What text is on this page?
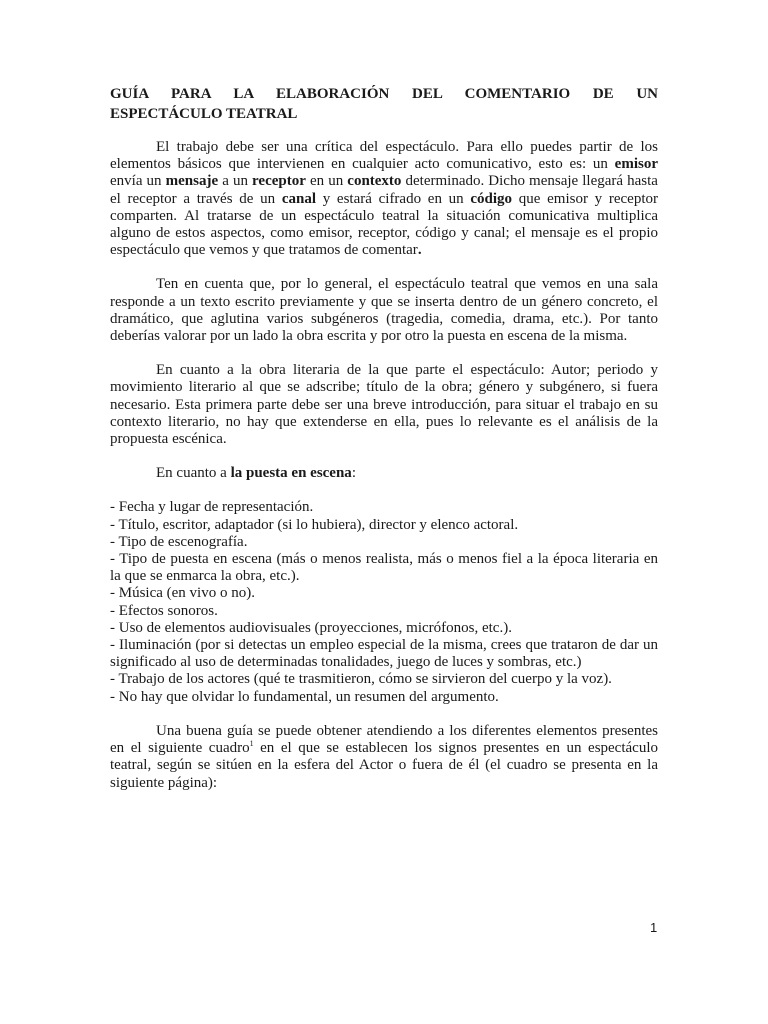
GUÍA PARA LA ELABORACIÓN DEL COMENTARIO DE UN
ESPECTÁCULO TEATRAL

El trabajo debe ser una crítica del espectáculo. Para ello puedes partir de los elementos básicos que intervienen en cualquier acto comunicativo, esto es: un emisor envía un mensaje a un receptor en un contexto determinado. Dicho mensaje llegará hasta el receptor a través de un canal y estará cifrado en un código que emisor y receptor comparten. Al tratarse de un espectáculo teatral la situación comunicativa multiplica alguno de estos aspectos, como emisor, receptor, código y canal; el mensaje es el propio espectáculo que vemos y que tratamos de comentar.

Ten en cuenta que, por lo general, el espectáculo teatral que vemos en una sala responde a un texto escrito previamente y que se inserta dentro de un género concreto, el dramático, que aglutina varios subgéneros (tragedia, comedia, drama, etc.). Por tanto deberías valorar por un lado la obra escrita y por otro la puesta en escena de la misma.

En cuanto a la obra literaria de la que parte el espectáculo: Autor; periodo y movimiento literario al que se adscribe; título de la obra; género y subgénero, si fuera necesario. Esta primera parte debe ser una breve introducción, para situar el trabajo en su contexto literario, no hay que extenderse en ella, pues lo relevante es el análisis de la propuesta escénica.

En cuanto a la puesta en escena:

- Fecha y lugar de representación.
- Título, escritor, adaptador (si lo hubiera), director y elenco actoral.
- Tipo de escenografía.
- Tipo de puesta en escena (más o menos realista, más o menos fiel a la época literaria en la que se enmarca la obra, etc.).
- Música (en vivo o no).
- Efectos sonoros.
- Uso de elementos audiovisuales (proyecciones, micrófonos, etc.).
- Iluminación (por si detectas un empleo especial de la misma, crees que trataron de dar un significado al uso de determinadas tonalidades, juego de luces y sombras, etc.)
- Trabajo de los actores (qué te trasmitieron, cómo se sirvieron del cuerpo y la voz).
- No hay que olvidar lo fundamental, un resumen del argumento.

Una buena guía se puede obtener atendiendo a los diferentes elementos presentes en el siguiente cuadro$^1$ en el que se establecen los signos presentes en un espectáculo teatral, según se sitúen en la esfera del Actor o fuera de él (el cuadro se presenta en la siguiente página):

1
